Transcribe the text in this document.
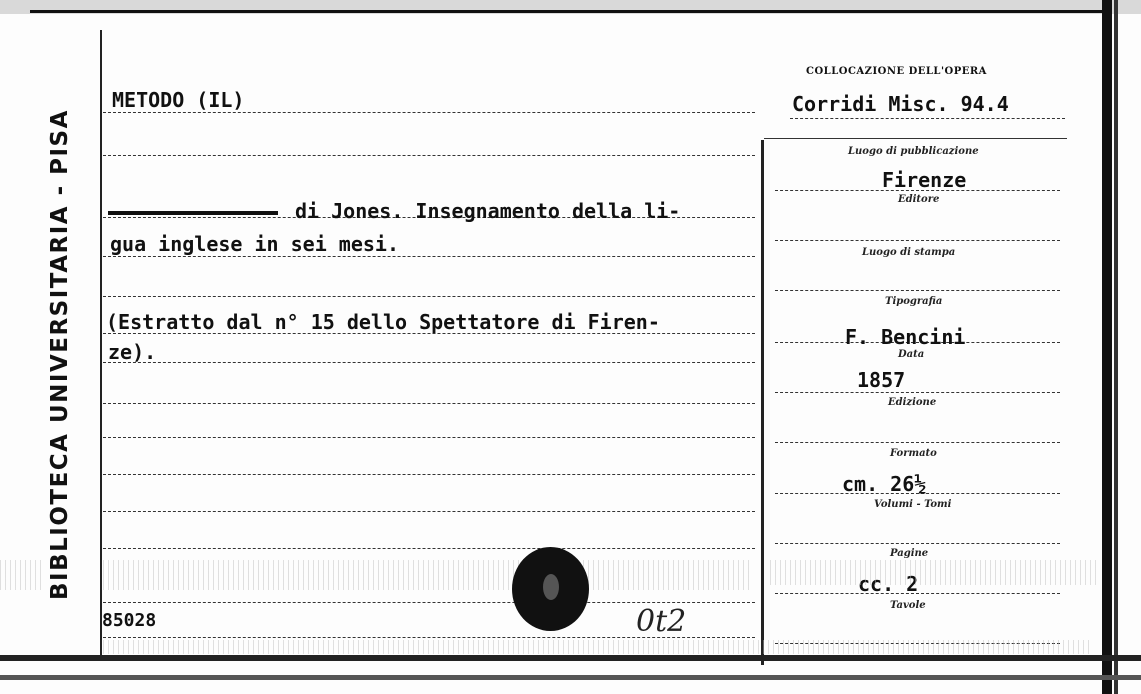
BIBLIOTECA UNIVERSITARIA - PISA
METODO (IL)
di Jones. Insegnamento della li-
gua inglese in sei mesi.
(Estratto dal n° 15 dello Spettatore di Firen-
ze).
COLLOCAZIONE DELL'OPERA
Corridi Misc. 94.4
Luogo di pubblicazione
Firenze
Editore
Luogo di stampa
Tipografia
F. Bencini
Data
1857
Edizione
Formato
cm. 26½
Volumi - Tomi
Pagine
cc. 2
Tavole
85028	0t2
